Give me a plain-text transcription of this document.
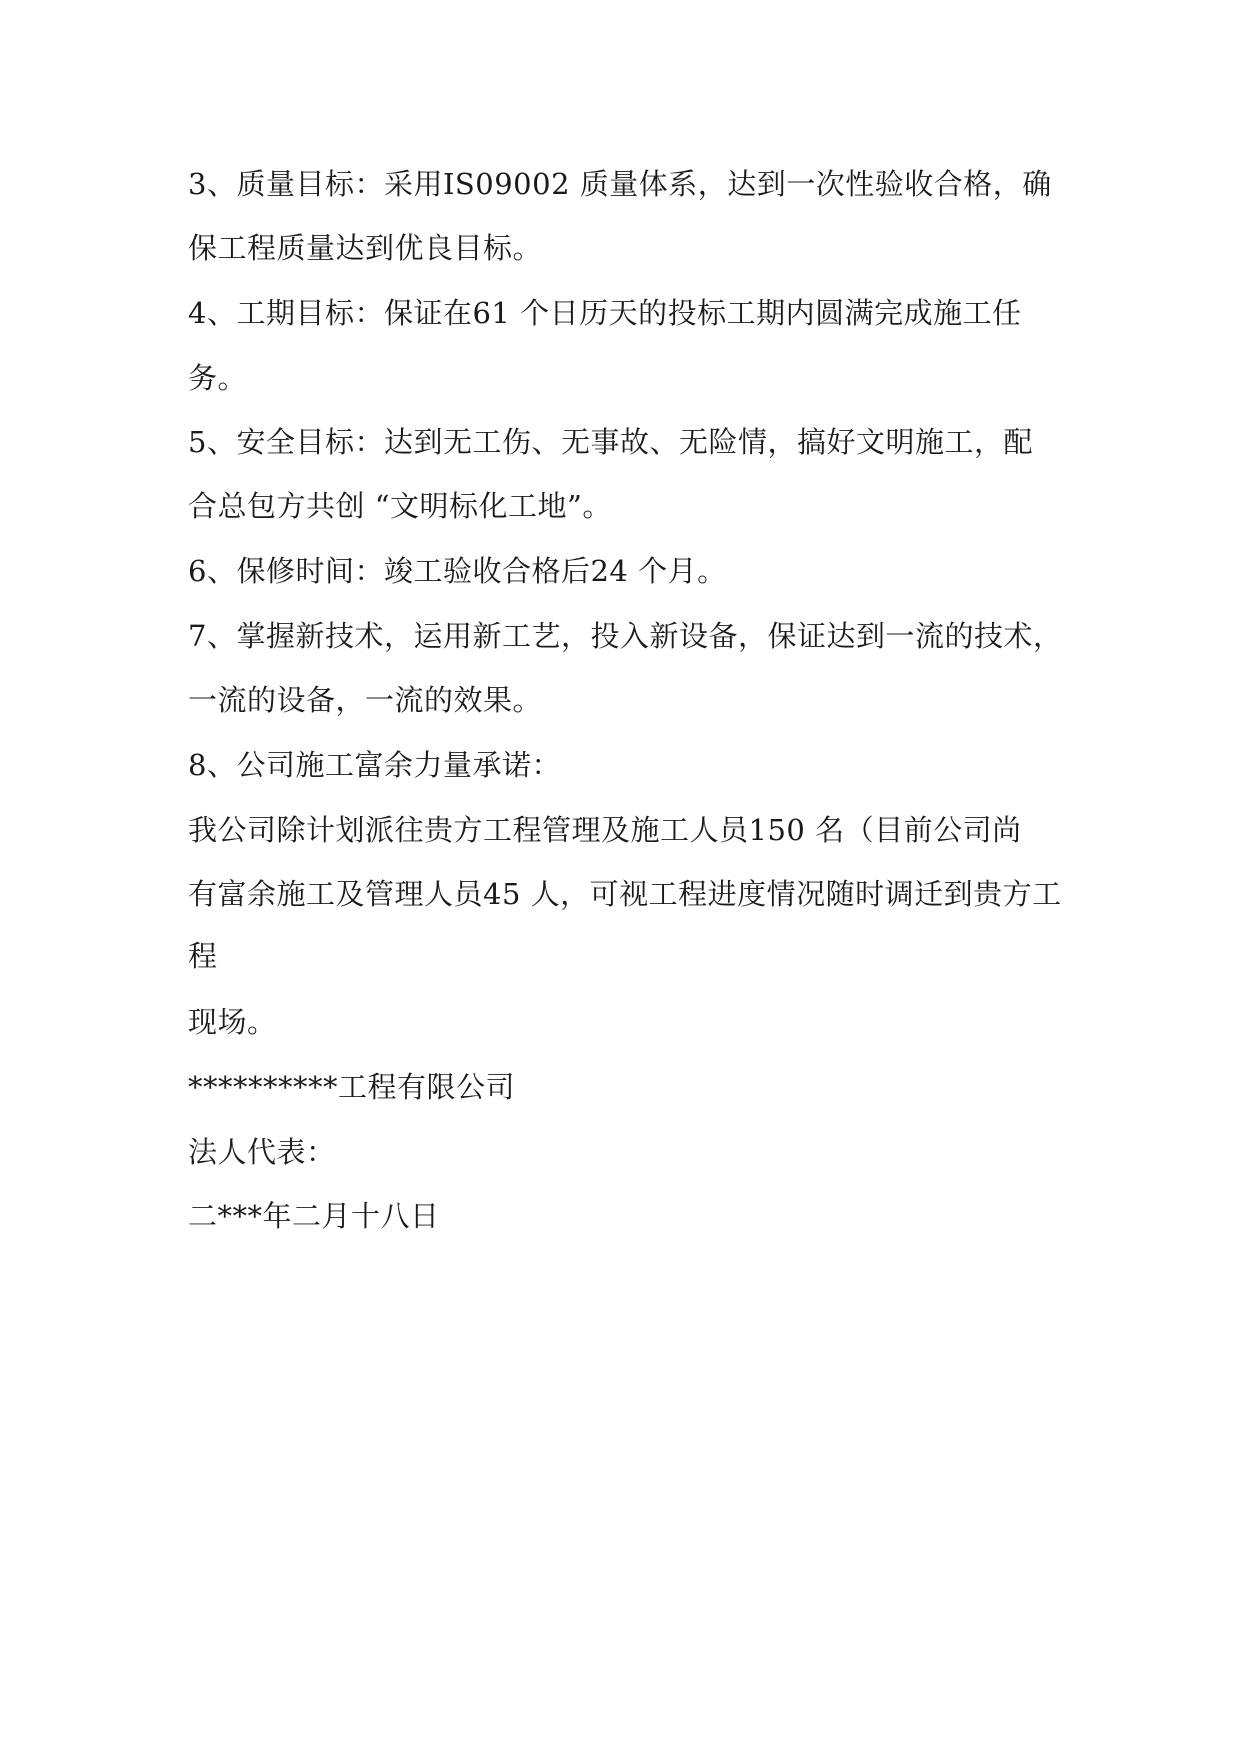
3、质量目标：采用IS09002 质量体系，达到一次性验收合格，确
保工程质量达到优良目标。
4、工期目标：保证在61 个日历天的投标工期内圆满完成施工任
务。
5、安全目标：达到无工伤、无事故、无险情，搞好文明施工，配
合总包方共创 “文明标化工地”。
6、保修时间：竣工验收合格后24 个月。
7、掌握新技术，运用新工艺，投入新设备，保证达到一流的技术，
一流的设备，一流的效果。
8、公司施工富余力量承诺：
我公司除计划派往贵方工程管理及施工人员150 名（目前公司尚
有富余施工及管理人员45 人，可视工程进度情况随时调迁到贵方工
程
现场。
**********工程有限公司
法人代表：
二***年二月十八日
